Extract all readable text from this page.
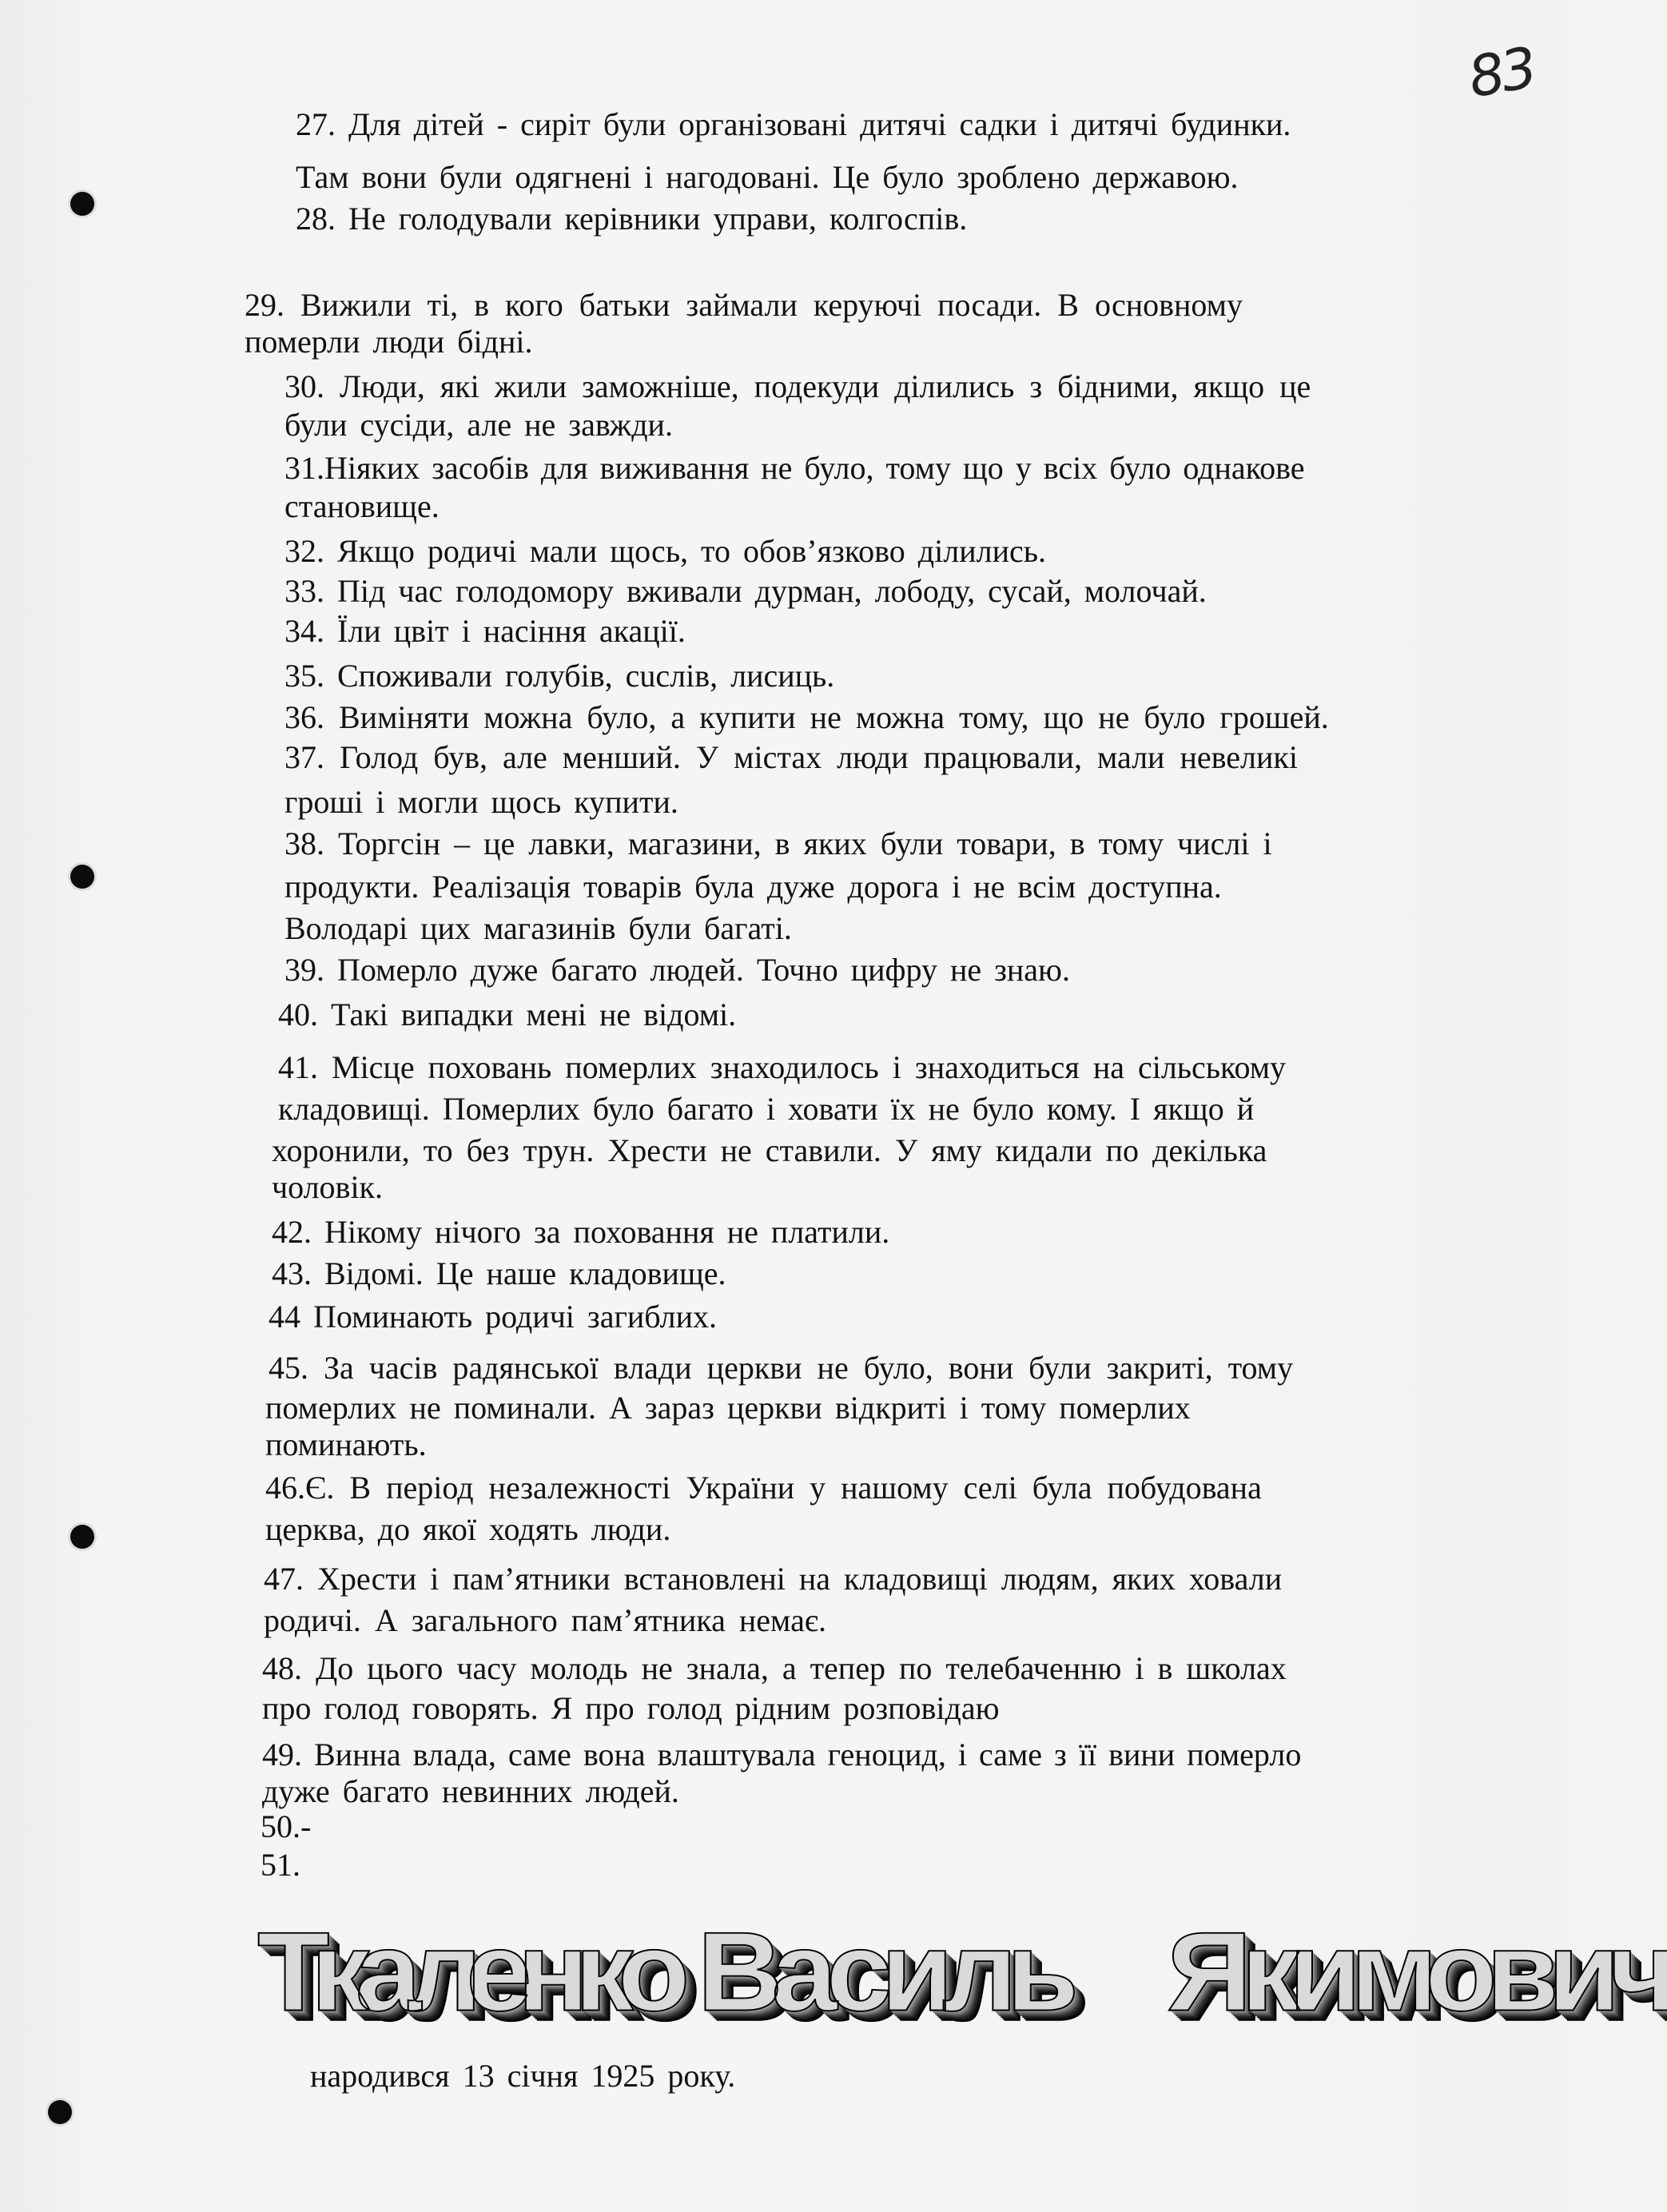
83
27. Для дітей - сиріт були організовані дитячі садки і дитячі будинки.
Там вони були одягнені і нагодовані. Це було зроблено державою.
28. Не голодували керівники управи, колгоспів.
29. Вижили ті, в кого батьки займали керуючі посади. В основному
померли люди бідні.
30. Люди, які жили заможніше, подекуди ділились з бідними, якщо це
були сусіди, але не завжди.
31.Ніяких засобів для виживання не було, тому що у всіх було однакове
становище.
32. Якщо родичі мали щось, то обов’язково ділились.
33. Під час голодомору вживали дурман, лободу, сусай, молочай.
34. Їли цвіт і насіння акації.
35. Споживали голубів, сuслів, лисиць.
36. Виміняти можна було, а купити не можна тому, що не було грошей.
37. Голод був, але менший. У містах люди працювали, мали невеликі
гроші і могли щось купити.
38. Торгсін – це лавки, магазини, в яких були товари, в тому числі і
продукти. Реалізація товарів була дуже дорога і не всім доступна.
Володарі цих магазинів були багаті.
39. Померло дуже багато людей. Точно цифру не знаю.
40. Такі випадки мені не відомі.
41. Місце поховань померлих знаходилось і знаходиться на сільському
кладовищі. Померлих було багато і ховати їх не було кому. І якщо й
хоронили, то без трун. Хрести не ставили. У яму кидали по декілька
чоловік.
42. Нікому нічого за поховання не платили.
43. Відомі. Це наше кладовище.
44 Поминають родичі загиблих.
45. За часів радянської влади церкви не було, вони були закриті, тому
померлих не поминали. А зараз церкви відкриті і тому померлих
поминають.
46.Є. В період незалежності України у нашому селі була побудована
церква, до якої ходять люди.
47. Хрести і пам’ятники встановлені на кладовищі людям, яких ховали
родичі. А загального пам’ятника немає.
48. До цього часу молодь не знала, а тепер по телебаченню і в школах
про голод говорять. Я про голод рідним розповідаю
49. Винна влада, саме вона влаштувала геноцид, і саме з її вини померло
дуже багато невинних людей.
50.-
51.
Ткаленко Василь Якимович
народився 13 січня 1925 року.
